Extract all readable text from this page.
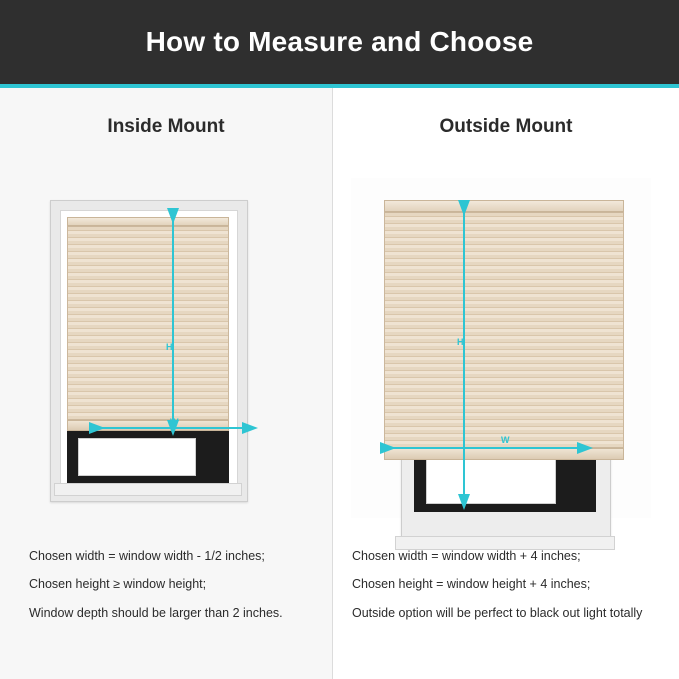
How to Measure and Choose
Inside Mount
H
W
Chosen width = window width - 1/2 inches;
Chosen height ≥ window height;
Window depth should be larger than 2 inches.
Outside Mount
H
W
Chosen width = window width + 4 inches;
Chosen height = window height + 4 inches;
Outside option will be perfect to black out light totally
